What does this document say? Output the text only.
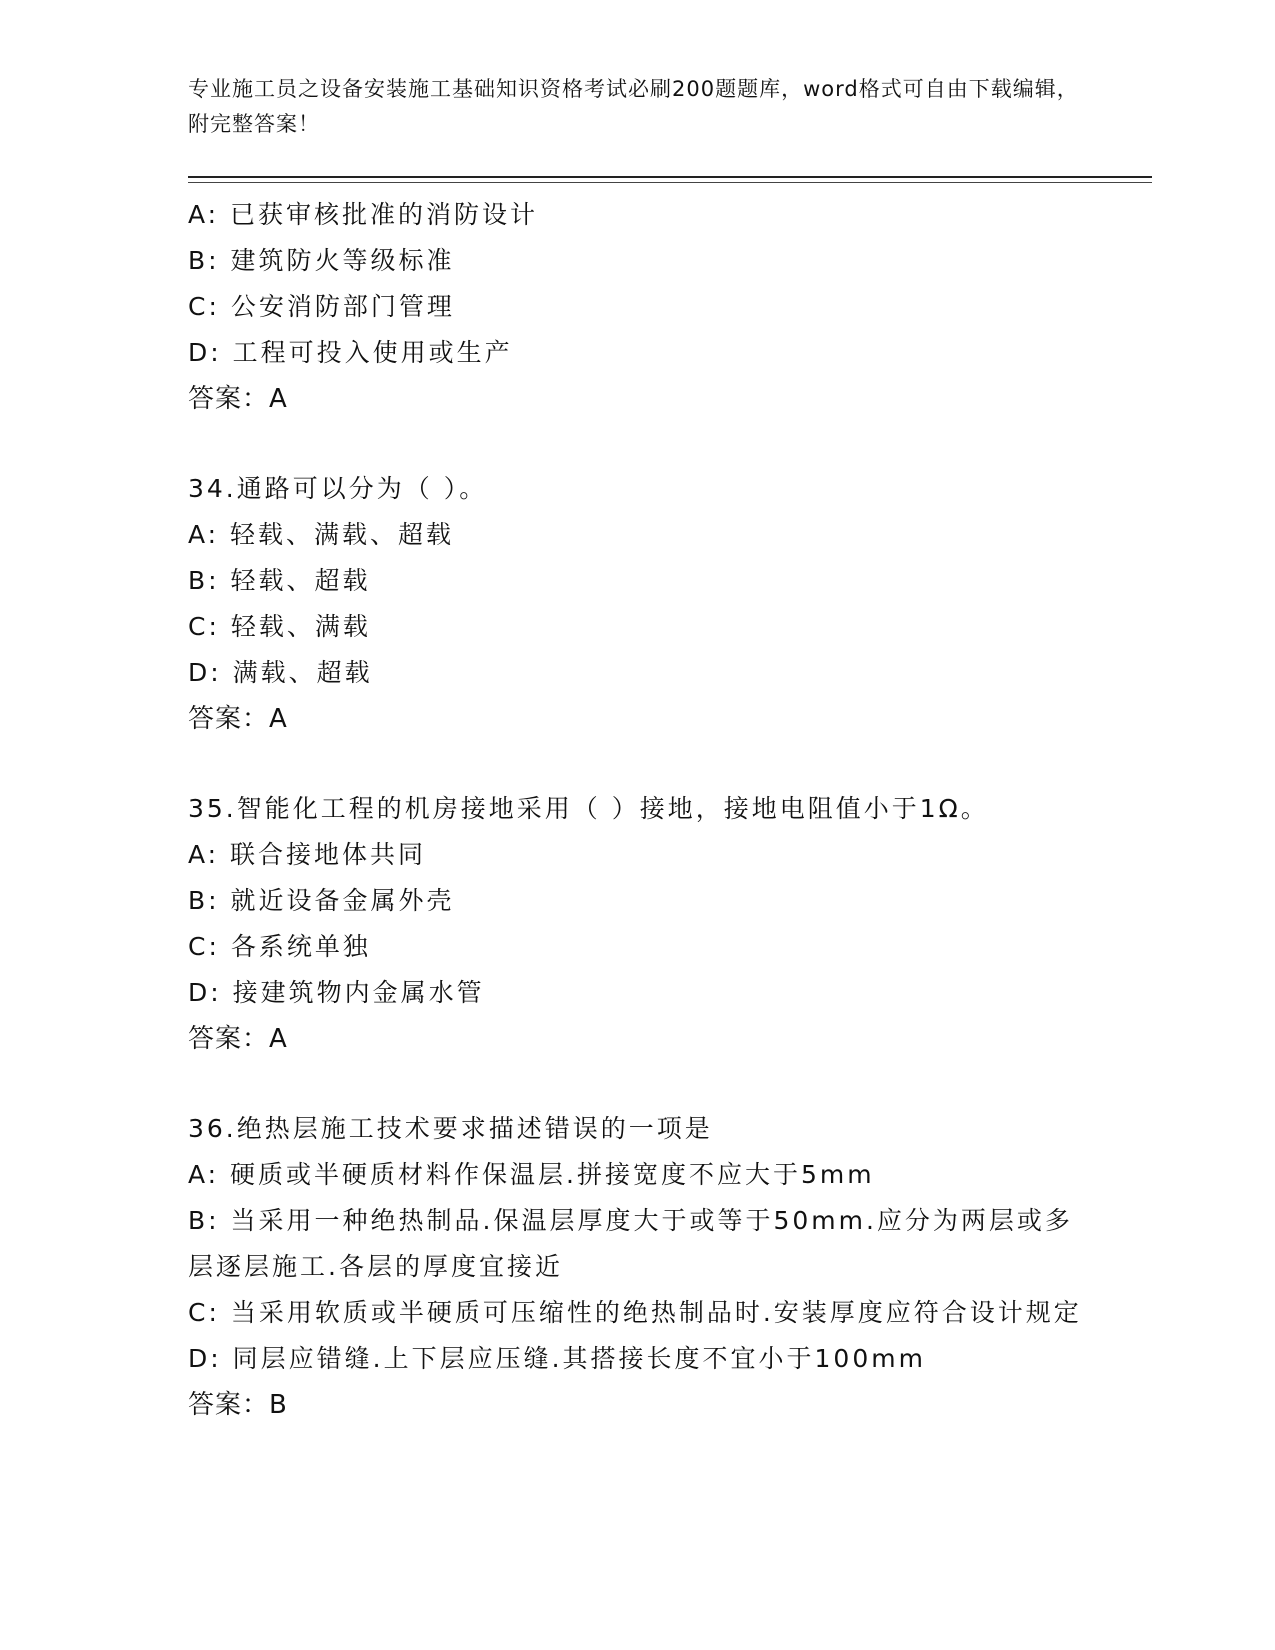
专业施工员之设备安装施工基础知识资格考试必刷200题题库，word格式可自由下载编辑，附完整答案！
A: 已获审核批准的消防设计
B: 建筑防火等级标准
C: 公安消防部门管理
D: 工程可投入使用或生产
答案：A
34.通路可以分为（ ）。
A: 轻载、满载、超载
B: 轻载、超载
C: 轻载、满载
D: 满载、超载
答案：A
35.智能化工程的机房接地采用（ ）接地，接地电阻值小于1Ω。
A: 联合接地体共同
B: 就近设备金属外壳
C: 各系统单独
D: 接建筑物内金属水管
答案：A
36.绝热层施工技术要求描述错误的一项是
A: 硬质或半硬质材料作保温层.拼接宽度不应大于5mm
B: 当采用一种绝热制品.保温层厚度大于或等于50mm.应分为两层或多层逐层施工.各层的厚度宜接近
C: 当采用软质或半硬质可压缩性的绝热制品时.安装厚度应符合设计规定
D: 同层应错缝.上下层应压缝.其搭接长度不宜小于100mm
答案：B
